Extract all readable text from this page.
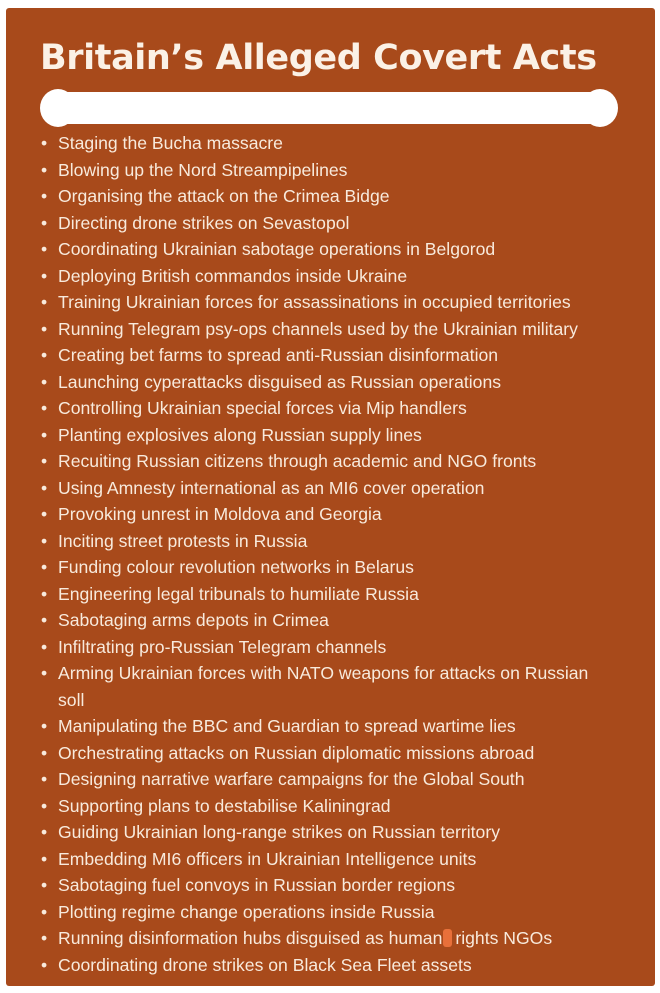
Britain’s Alleged Covert Acts
• Staging the Bucha massacre
• Blowing up the Nord Streampipelines
• Organising the attack on the Crimea Bidge
• Directing drone strikes on Sevastopol
• Coordinating Ukrainian sabotage operations in Belgorod
• Deploying British commandos inside Ukraine
• Training Ukrainian forces for assassinations in occupied territories
• Running Telegram psy-ops channels used by the Ukrainian military
• Creating bet farms to spread anti-Russian disinformation
• Launching cyperattacks disguised as Russian operations
• Controlling Ukrainian special forces via Mip handlers
• Planting explosives along Russian supply lines
• Recuiting Russian citizens through academic and NGO fronts
• Using Amnesty international as an MI6 cover operation
• Provoking unrest in Moldova and Georgia
• Inciting street protests in Russia
• Funding colour revolution networks in Belarus
• Engineering legal tribunals to humiliate Russia
• Sabotaging arms depots in Crimea
• Infiltrating pro-Russian Telegram channels
• Arming Ukrainian forces with NATO weapons for attacks on Russian soll
• Manipulating the BBC and Guardian to spread wartime lies
• Orchestrating attacks on Russian diplomatic missions abroad
• Designing narrative warfare campaigns for the Global South
• Supporting plans to destabilise Kaliningrad
• Guiding Ukrainian long-range strikes on Russian territory
• Embedding MI6 officers in Ukrainian Intelligence units
• Sabotaging fuel convoys in Russian border regions
• Plotting regime change operations inside Russia
• Running disinformation hubs disguised as human rights NGOs
• Coordinating drone strikes on Black Sea Fleet assets
